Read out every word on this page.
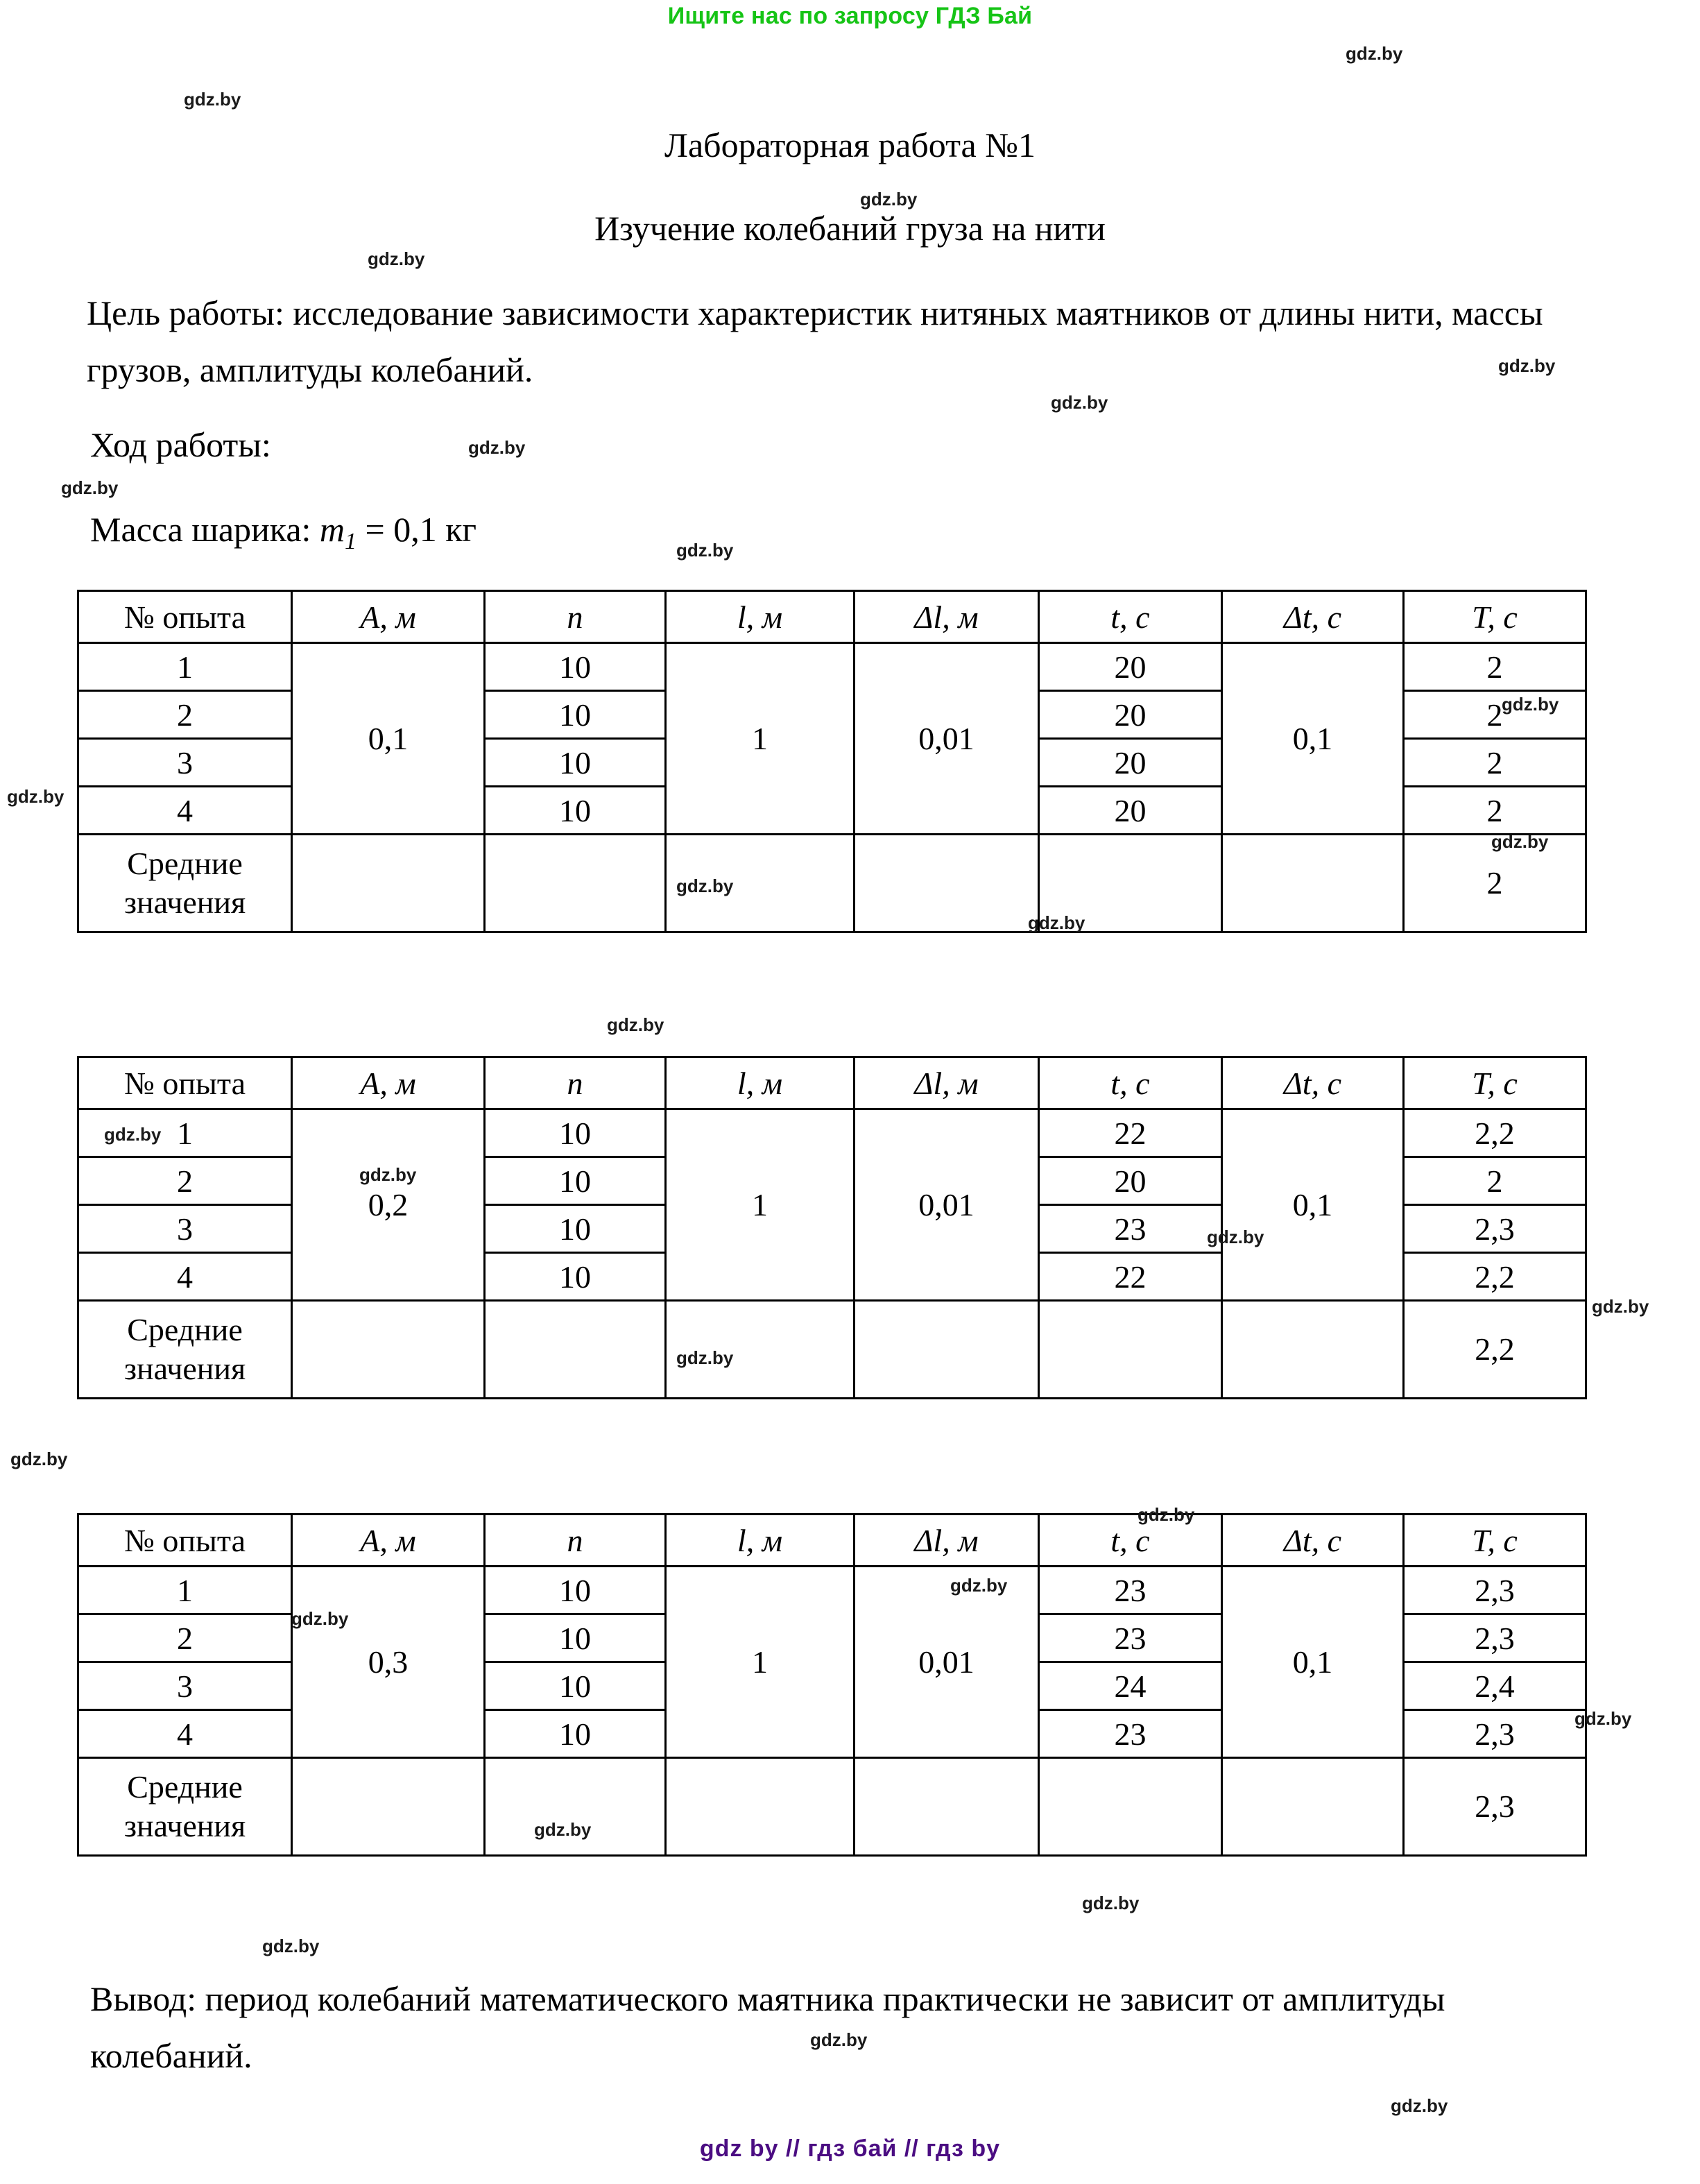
Ищите нас по запросу ГДЗ Бай
Лабораторная работа №1
Изучение колебаний груза на нити
Цель работы: исследование зависимости характеристик нитяных маятников от длины нити, массы грузов, амплитуды колебаний.
Ход работы:
Масса шарика: $m_1 = 0,1$ кг
№ опыта	A, м	n	l, м	Δl, м	t, с	Δt, с	T, с
1	0,1	10	1	0,01	20	0,1	2
2		10			20		2
3		10			20		2
4		10			20		2
Средние значения							2
№ опыта	A, м	n	l, м	Δl, м	t, с	Δt, с	T, с
1	0,2	10	1	0,01	22	0,1	2,2
2		10			20		2
3		10			23		2,3
4		10			22		2,2
Средние значения							2,2
№ опыта	A, м	n	l, м	Δl, м	t, с	Δt, с	T, с
1	0,3	10	1	0,01	23	0,1	2,3
2		10			23		2,3
3		10			24		2,4
4		10			23		2,3
Средние значения							2,3
Вывод: период колебаний математического маятника практически не зависит от амплитуды колебаний.
gdz.by
gdz.by
gdz.by
gdz.by
gdz.by
gdz.by
gdz.by
gdz.by
gdz.by
gdz.by
gdz.by
gdz.by
gdz.by
gdz.by
gdz.by
gdz.by
gdz.by
gdz.by
gdz.by
gdz.by
gdz.by
gdz.by
gdz.by
gdz.by
gdz.by
gdz.by
gdz.by
gdz.by
gdz.by
gdz.by
gdz by // гдз бай // гдз by
